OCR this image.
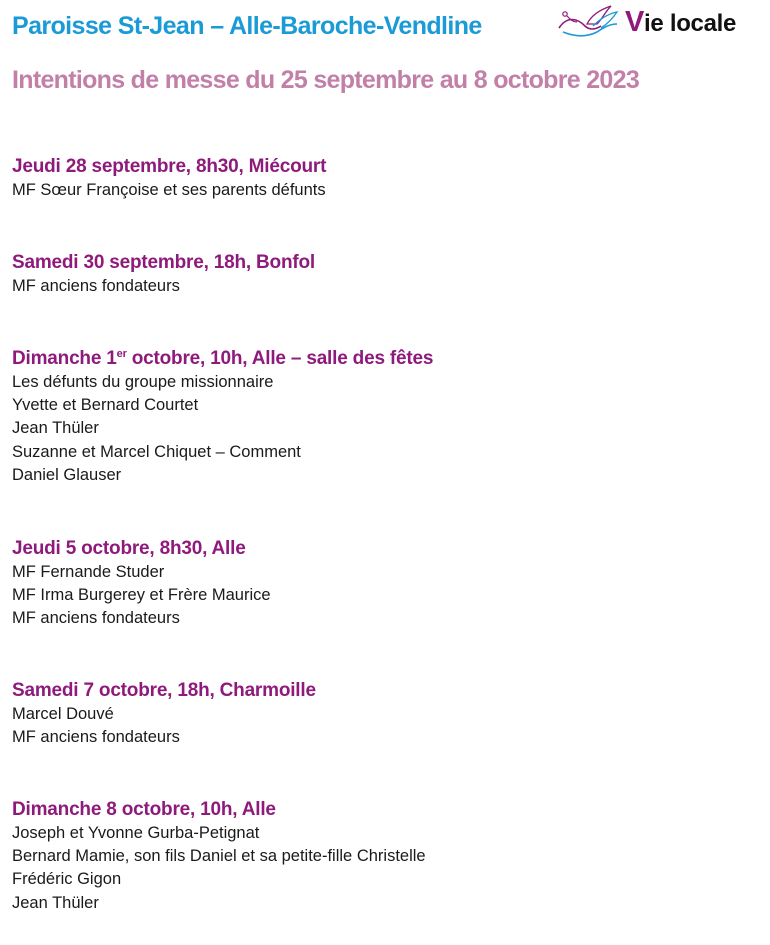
Paroisse St-Jean – Alle-Baroche-Vendline	Vie locale
Intentions de messe du 25 septembre au 8 octobre 2023
Jeudi 28 septembre, 8h30, Miécourt
MF Sœur Françoise et ses parents défunts
Samedi 30 septembre, 18h, Bonfol
MF anciens fondateurs
Dimanche 1er octobre, 10h, Alle – salle des fêtes
Les défunts du groupe missionnaire
Yvette et Bernard Courtet
Jean Thüler
Suzanne et Marcel Chiquet – Comment
Daniel Glauser
Jeudi 5 octobre, 8h30, Alle
MF Fernande Studer
MF Irma Burgerey et Frère Maurice
MF anciens fondateurs
Samedi 7 octobre, 18h, Charmoille
Marcel Douvé
MF anciens fondateurs
Dimanche 8 octobre, 10h, Alle
Joseph et Yvonne Gurba-Petignat
Bernard Mamie, son fils Daniel et sa petite-fille Christelle
Frédéric Gigon
Jean Thüler
